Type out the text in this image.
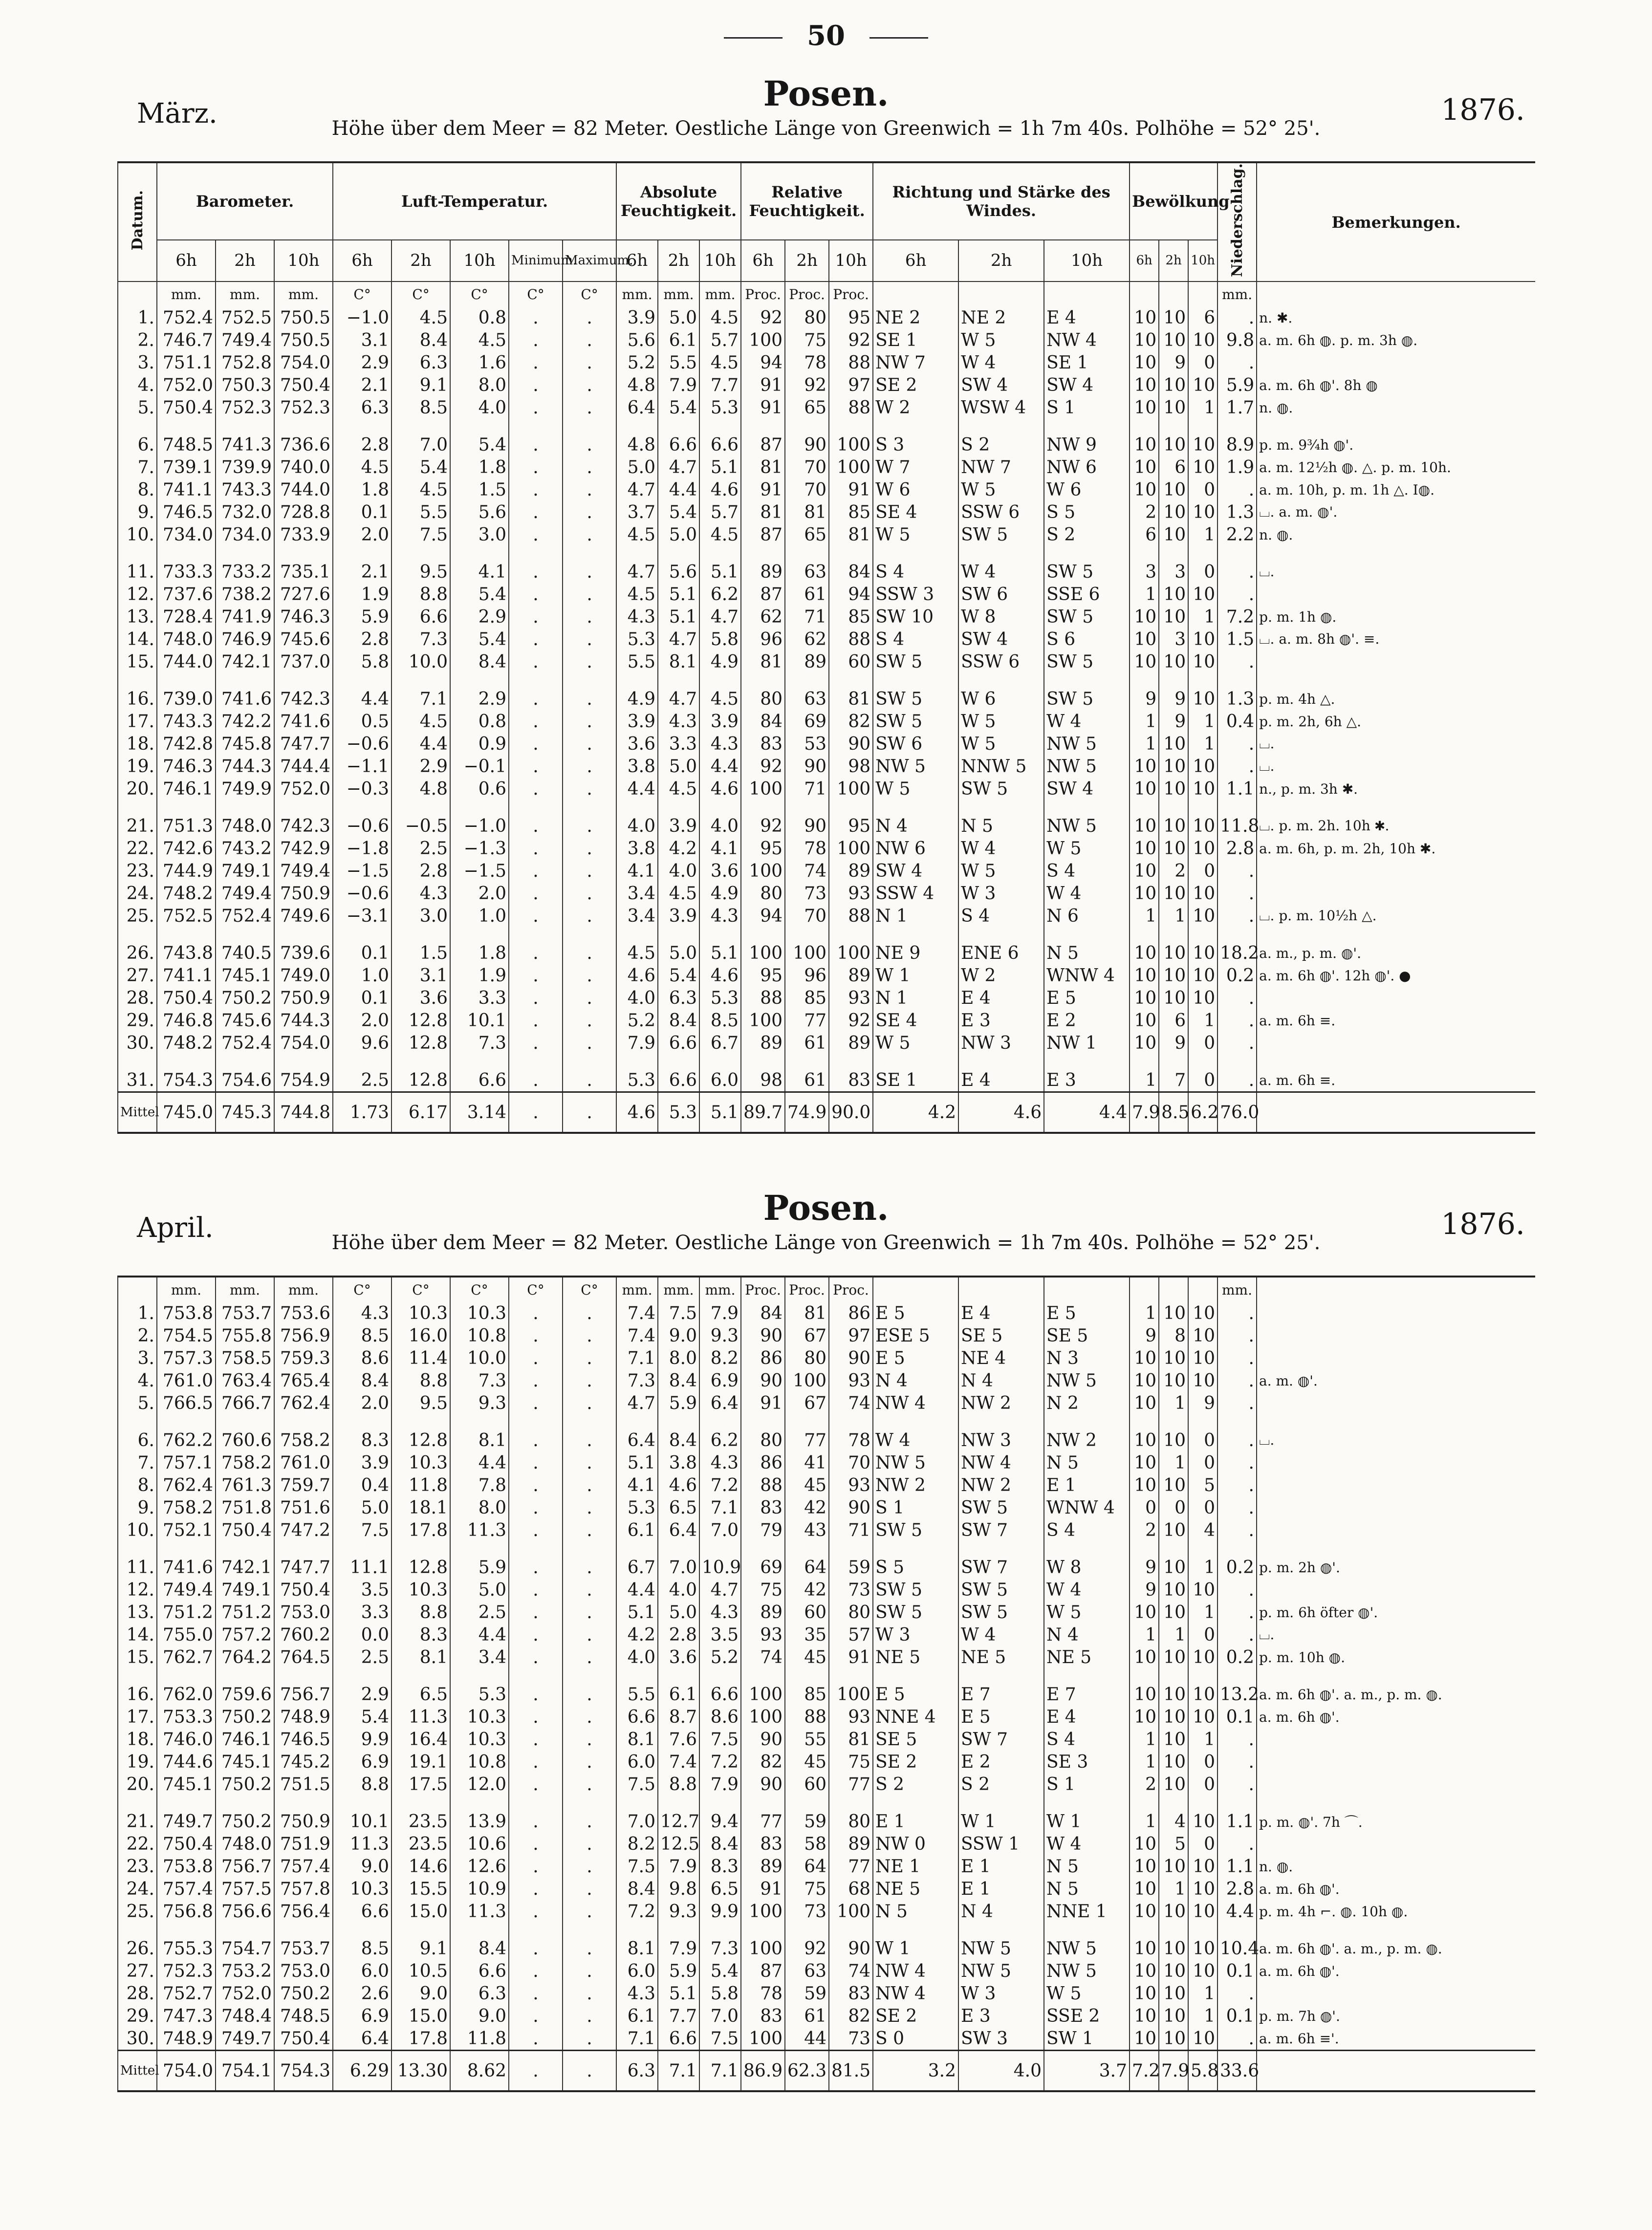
50
Posen.
März.	1876.
Höhe über dem Meer = 82 Meter. Oestliche Länge von Greenwich = 1h 7m 40s. Polhöhe = 52° 25'.
Datum.	Barometer.			Luft-Temperatur.					Absolute Feuchtigkeit.			Relative Feuchtigkeit.			Richtung und Stärke des Windes.			Bewölkung			Niederschlag.	Bemerkungen.
	6h	2h	10h	6h	2h	10h	Minimum.	Maximum.	6h	2h	10h	6h	2h	10h	6h	2h	10h	6h	2h	10h		
	mm.	mm.	mm.	C°	C°	C°	C°	C°	mm.	mm.	mm.	Proc.	Proc.	Proc.							mm.	
1.	752.4	752.5	750.5	−1.0	4.5	0.8	.	.	3.9	5.0	4.5	92	80	95	NE 2	NE 2	E 4	10	10	6	.	n. ✱.
2.	746.7	749.4	750.5	3.1	8.4	4.5	.	.	5.6	6.1	5.7	100	75	92	SE 1	W 5	NW 4	10	10	10	9.8	a. m. 6h ◍. p. m. 3h ◍.
3.	751.1	752.8	754.0	2.9	6.3	1.6	.	.	5.2	5.5	4.5	94	78	88	NW 7	W 4	SE 1	10	9	0	.	
4.	752.0	750.3	750.4	2.1	9.1	8.0	.	.	4.8	7.9	7.7	91	92	97	SE 2	SW 4	SW 4	10	10	10	5.9	a. m. 6h ◍'. 8h ◍
5.	750.4	752.3	752.3	6.3	8.5	4.0	.	.	6.4	5.4	5.3	91	65	88	W 2	WSW 4	S 1	10	10	1	1.7	n. ◍.

6.	748.5	741.3	736.6	2.8	7.0	5.4	.	.	4.8	6.6	6.6	87	90	100	S 3	S 2	NW 9	10	10	10	8.9	p. m. 9¾h ◍'.
7.	739.1	739.9	740.0	4.5	5.4	1.8	.	.	5.0	4.7	5.1	81	70	100	W 7	NW 7	NW 6	10	6	10	1.9	a. m. 12½h ◍. △. p. m. 10h.
8.	741.1	743.3	744.0	1.8	4.5	1.5	.	.	4.7	4.4	4.6	91	70	91	W 6	W 5	W 6	10	10	0	.	a. m. 10h, p. m. 1h △. I◍.
9.	746.5	732.0	728.8	0.1	5.5	5.6	.	.	3.7	5.4	5.7	81	81	85	SE 4	SSW 6	S 5	2	10	10	1.3	⌴. a. m. ◍'.
10.	734.0	734.0	733.9	2.0	7.5	3.0	.	.	4.5	5.0	4.5	87	65	81	W 5	SW 5	S 2	6	10	1	2.2	n. ◍.

11.	733.3	733.2	735.1	2.1	9.5	4.1	.	.	4.7	5.6	5.1	89	63	84	S 4	W 4	SW 5	3	3	0	.	⌴.
12.	737.6	738.2	727.6	1.9	8.8	5.4	.	.	4.5	5.1	6.2	87	61	94	SSW 3	SW 6	SSE 6	1	10	10	.	
13.	728.4	741.9	746.3	5.9	6.6	2.9	.	.	4.3	5.1	4.7	62	71	85	SW 10	W 8	SW 5	10	10	1	7.2	p. m. 1h ◍.
14.	748.0	746.9	745.6	2.8	7.3	5.4	.	.	5.3	4.7	5.8	96	62	88	S 4	SW 4	S 6	10	3	10	1.5	⌴. a. m. 8h ◍'. ≡.
15.	744.0	742.1	737.0	5.8	10.0	8.4	.	.	5.5	8.1	4.9	81	89	60	SW 5	SSW 6	SW 5	10	10	10	.	

16.	739.0	741.6	742.3	4.4	7.1	2.9	.	.	4.9	4.7	4.5	80	63	81	SW 5	W 6	SW 5	9	9	10	1.3	p. m. 4h △.
17.	743.3	742.2	741.6	0.5	4.5	0.8	.	.	3.9	4.3	3.9	84	69	82	SW 5	W 5	W 4	1	9	1	0.4	p. m. 2h, 6h △.
18.	742.8	745.8	747.7	−0.6	4.4	0.9	.	.	3.6	3.3	4.3	83	53	90	SW 6	W 5	NW 5	1	10	1	.	⌴.
19.	746.3	744.3	744.4	−1.1	2.9	−0.1	.	.	3.8	5.0	4.4	92	90	98	NW 5	NNW 5	NW 5	10	10	10	.	⌴.
20.	746.1	749.9	752.0	−0.3	4.8	0.6	.	.	4.4	4.5	4.6	100	71	100	W 5	SW 5	SW 4	10	10	10	1.1	n., p. m. 3h ✱.

21.	751.3	748.0	742.3	−0.6	−0.5	−1.0	.	.	4.0	3.9	4.0	92	90	95	N 4	N 5	NW 5	10	10	10	11.8	⌴. p. m. 2h. 10h ✱.
22.	742.6	743.2	742.9	−1.8	2.5	−1.3	.	.	3.8	4.2	4.1	95	78	100	NW 6	W 4	W 5	10	10	10	2.8	a. m. 6h, p. m. 2h, 10h ✱.
23.	744.9	749.1	749.4	−1.5	2.8	−1.5	.	.	4.1	4.0	3.6	100	74	89	SW 4	W 5	S 4	10	2	0	.	
24.	748.2	749.4	750.9	−0.6	4.3	2.0	.	.	3.4	4.5	4.9	80	73	93	SSW 4	W 3	W 4	10	10	10	.	
25.	752.5	752.4	749.6	−3.1	3.0	1.0	.	.	3.4	3.9	4.3	94	70	88	N 1	S 4	N 6	1	1	10	.	⌴. p. m. 10½h △.

26.	743.8	740.5	739.6	0.1	1.5	1.8	.	.	4.5	5.0	5.1	100	100	100	NE 9	ENE 6	N 5	10	10	10	18.2	a. m., p. m. ◍'.
27.	741.1	745.1	749.0	1.0	3.1	1.9	.	.	4.6	5.4	4.6	95	96	89	W 1	W 2	WNW 4	10	10	10	0.2	a. m. 6h ◍'. 12h ◍'. ●
28.	750.4	750.2	750.9	0.1	3.6	3.3	.	.	4.0	6.3	5.3	88	85	93	N 1	E 4	E 5	10	10	10	.	
29.	746.8	745.6	744.3	2.0	12.8	10.1	.	.	5.2	8.4	8.5	100	77	92	SE 4	E 3	E 2	10	6	1	.	a. m. 6h ≡.
30.	748.2	752.4	754.0	9.6	12.8	7.3	.	.	7.9	6.6	6.7	89	61	89	W 5	NW 3	NW 1	10	9	0	.	

31.	754.3	754.6	754.9	2.5	12.8	6.6	.	.	5.3	6.6	6.0	98	61	83	SE 1	E 4	E 3	1	7	0	.	a. m. 6h ≡.
Mittel	745.0	745.3	744.8	1.73	6.17	3.14	.	.	4.6	5.3	5.1	89.7	74.9	90.0	4.2	4.6	4.4	7.9	8.5	6.2	76.0	
Posen.
April.	1876.
Höhe über dem Meer = 82 Meter. Oestliche Länge von Greenwich = 1h 7m 40s. Polhöhe = 52° 25'.
	mm.	mm.	mm.	C°	C°	C°	C°	C°	mm.	mm.	mm.	Proc.	Proc.	Proc.							mm.	
1.	753.8	753.7	753.6	4.3	10.3	10.3	.	.	7.4	7.5	7.9	84	81	86	E 5	E 4	E 5	1	10	10	.	
2.	754.5	755.8	756.9	8.5	16.0	10.8	.	.	7.4	9.0	9.3	90	67	97	ESE 5	SE 5	SE 5	9	8	10	.	
3.	757.3	758.5	759.3	8.6	11.4	10.0	.	.	7.1	8.0	8.2	86	80	90	E 5	NE 4	N 3	10	10	10	.	
4.	761.0	763.4	765.4	8.4	8.8	7.3	.	.	7.3	8.4	6.9	90	100	93	N 4	N 4	NW 5	10	10	10	.	a. m. ◍'.
5.	766.5	766.7	762.4	2.0	9.5	9.3	.	.	4.7	5.9	6.4	91	67	74	NW 4	NW 2	N 2	10	1	9	.	

6.	762.2	760.6	758.2	8.3	12.8	8.1	.	.	6.4	8.4	6.2	80	77	78	W 4	NW 3	NW 2	10	10	0	.	⌴.
7.	757.1	758.2	761.0	3.9	10.3	4.4	.	.	5.1	3.8	4.3	86	41	70	NW 5	NW 4	N 5	10	1	0	.	
8.	762.4	761.3	759.7	0.4	11.8	7.8	.	.	4.1	4.6	7.2	88	45	93	NW 2	NW 2	E 1	10	10	5	.	
9.	758.2	751.8	751.6	5.0	18.1	8.0	.	.	5.3	6.5	7.1	83	42	90	S 1	SW 5	WNW 4	0	0	0	.	
10.	752.1	750.4	747.2	7.5	17.8	11.3	.	.	6.1	6.4	7.0	79	43	71	SW 5	SW 7	S 4	2	10	4	.	

11.	741.6	742.1	747.7	11.1	12.8	5.9	.	.	6.7	7.0	10.9	69	64	59	S 5	SW 7	W 8	9	10	1	0.2	p. m. 2h ◍'.
12.	749.4	749.1	750.4	3.5	10.3	5.0	.	.	4.4	4.0	4.7	75	42	73	SW 5	SW 5	W 4	9	10	10	.	
13.	751.2	751.2	753.0	3.3	8.8	2.5	.	.	5.1	5.0	4.3	89	60	80	SW 5	SW 5	W 5	10	10	1	.	p. m. 6h öfter ◍'.
14.	755.0	757.2	760.2	0.0	8.3	4.4	.	.	4.2	2.8	3.5	93	35	57	W 3	W 4	N 4	1	1	0	.	⌴.
15.	762.7	764.2	764.5	2.5	8.1	3.4	.	.	4.0	3.6	5.2	74	45	91	NE 5	NE 5	NE 5	10	10	10	0.2	p. m. 10h ◍.

16.	762.0	759.6	756.7	2.9	6.5	5.3	.	.	5.5	6.1	6.6	100	85	100	E 5	E 7	E 7	10	10	10	13.2	a. m. 6h ◍'. a. m., p. m. ◍.
17.	753.3	750.2	748.9	5.4	11.3	10.3	.	.	6.6	8.7	8.6	100	88	93	NNE 4	E 5	E 4	10	10	10	0.1	a. m. 6h ◍'.
18.	746.0	746.1	746.5	9.9	16.4	10.3	.	.	8.1	7.6	7.5	90	55	81	SE 5	SW 7	S 4	1	10	1	.	
19.	744.6	745.1	745.2	6.9	19.1	10.8	.	.	6.0	7.4	7.2	82	45	75	SE 2	E 2	SE 3	1	10	0	.	
20.	745.1	750.2	751.5	8.8	17.5	12.0	.	.	7.5	8.8	7.9	90	60	77	S 2	S 2	S 1	2	10	0	.	

21.	749.7	750.2	750.9	10.1	23.5	13.9	.	.	7.0	12.7	9.4	77	59	80	E 1	W 1	W 1	1	4	10	1.1	p. m. ◍'. 7h ⌒.
22.	750.4	748.0	751.9	11.3	23.5	10.6	.	.	8.2	12.5	8.4	83	58	89	NW 0	SSW 1	W 4	10	5	0	.	
23.	753.8	756.7	757.4	9.0	14.6	12.6	.	.	7.5	7.9	8.3	89	64	77	NE 1	E 1	N 5	10	10	10	1.1	n. ◍.
24.	757.4	757.5	757.8	10.3	15.5	10.9	.	.	8.4	9.8	6.5	91	75	68	NE 5	E 1	N 5	10	1	10	2.8	a. m. 6h ◍'.
25.	756.8	756.6	756.4	6.6	15.0	11.3	.	.	7.2	9.3	9.9	100	73	100	N 5	N 4	NNE 1	10	10	10	4.4	p. m. 4h ⌐. ◍. 10h ◍.

26.	755.3	754.7	753.7	8.5	9.1	8.4	.	.	8.1	7.9	7.3	100	92	90	W 1	NW 5	NW 5	10	10	10	10.4	a. m. 6h ◍'. a. m., p. m. ◍.
27.	752.3	753.2	753.0	6.0	10.5	6.6	.	.	6.0	5.9	5.4	87	63	74	NW 4	NW 5	NW 5	10	10	10	0.1	a. m. 6h ◍'.
28.	752.7	752.0	750.2	2.6	9.0	6.3	.	.	4.3	5.1	5.8	78	59	83	NW 4	W 3	W 5	10	10	1	.	
29.	747.3	748.4	748.5	6.9	15.0	9.0	.	.	6.1	7.7	7.0	83	61	82	SE 2	E 3	SSE 2	10	10	1	0.1	p. m. 7h ◍'.
30.	748.9	749.7	750.4	6.4	17.8	11.8	.	.	7.1	6.6	7.5	100	44	73	S 0	SW 3	SW 1	10	10	10	.	a. m. 6h ≡'.
Mittel	754.0	754.1	754.3	6.29	13.30	8.62	.	.	6.3	7.1	7.1	86.9	62.3	81.5	3.2	4.0	3.7	7.2	7.9	5.8	33.6	
